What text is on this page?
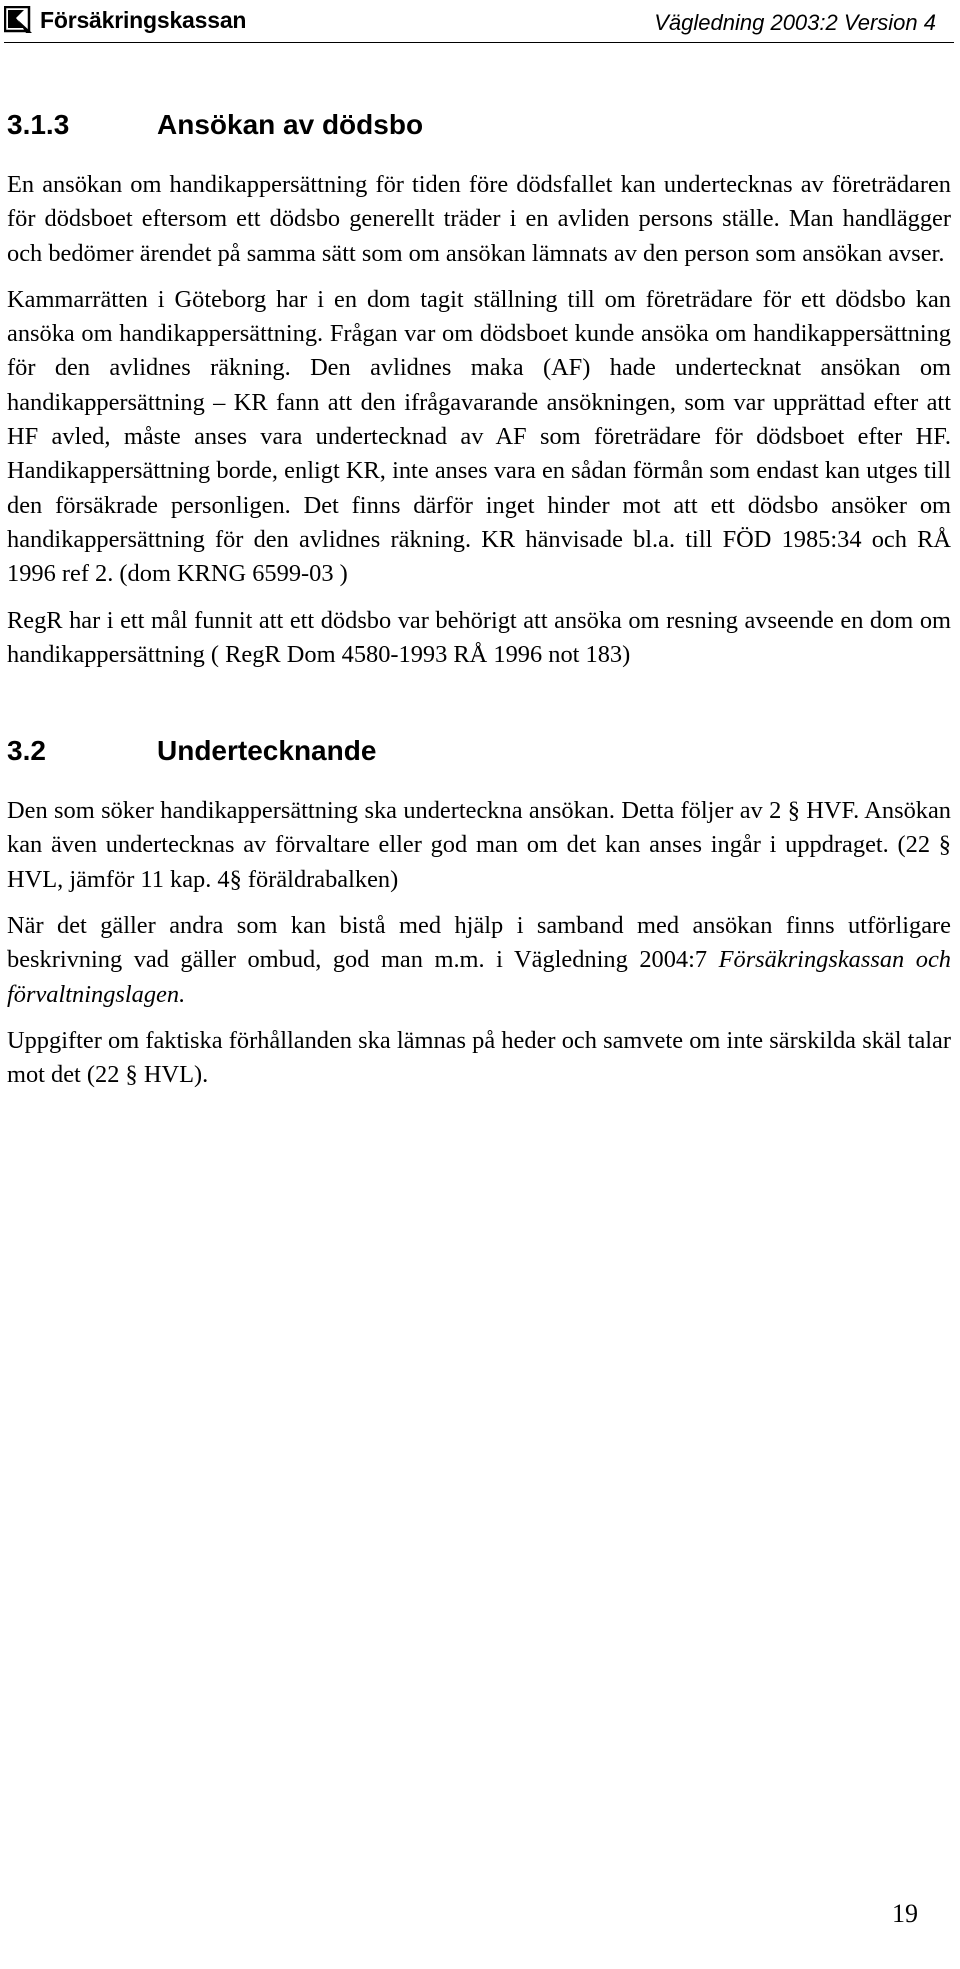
Försäkringskassan	Vägledning 2003:2 Version 4
3.1.3	Ansökan av dödsbo

En ansökan om handikappersättning för tiden före dödsfallet kan undertecknas av företrädaren för dödsboet eftersom ett dödsbo generellt träder i en avliden persons ställe. Man handlägger och bedömer ärendet på samma sätt som om ansökan lämnats av den person som ansökan avser.

Kammarrätten i Göteborg har i en dom tagit ställning till om företrädare för ett dödsbo kan ansöka om handikappersättning. Frågan var om dödsboet kunde ansöka om handikappersättning för den avlidnes räkning. Den avlidnes maka (AF) hade undertecknat ansökan om handikappersättning – KR fann att den ifrågavarande ansökningen, som var upprättad efter att HF avled, måste anses vara undertecknad av AF som företrädare för dödsboet efter HF. Handikappersättning borde, enligt KR, inte anses vara en sådan förmån som endast kan utges till den försäkrade personligen. Det finns därför inget hinder mot att ett dödsbo ansöker om handikappersättning för den avlidnes räkning. KR hänvisade bl.a. till FÖD 1985:34 och RÅ 1996 ref 2. (dom KRNG 6599-03 )

RegR har i ett mål funnit att ett dödsbo var behörigt att ansöka om resning avseende en dom om handikappersättning ( RegR Dom 4580-1993 RÅ 1996 not 183)

3.2	Undertecknande

Den som söker handikappersättning ska underteckna ansökan. Detta följer av 2 § HVF. Ansökan kan även undertecknas av förvaltare eller god man om det kan anses ingår i uppdraget. (22 § HVL, jämför 11 kap. 4§ föräldrabalken)

När det gäller andra som kan bistå med hjälp i samband med ansökan finns utförligare beskrivning vad gäller ombud, god man m.m. i Vägledning 2004:7 Försäkringskassan och förvaltningslagen.

Uppgifter om faktiska förhållanden ska lämnas på heder och samvete om inte särskilda skäl talar mot det (22 § HVL).

19
